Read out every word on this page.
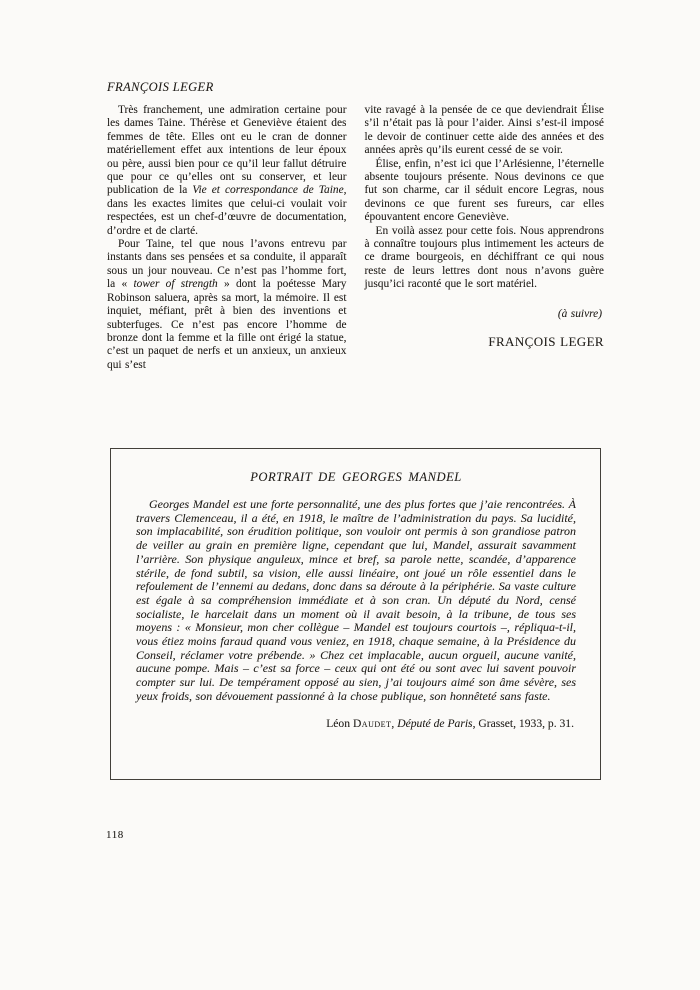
FRANÇOIS LEGER

Très franchement, une admiration certaine pour les dames Taine. Thérèse et Geneviève étaient des femmes de tête. Elles ont eu le cran de donner matériellement effet aux intentions de leur époux ou père, aussi bien pour ce qu’il leur fallut détruire que pour ce qu’elles ont su conserver, et leur publication de la Vie et correspondance de Taine, dans les exactes limites que celui-ci voulait voir respectées, est un chef-d’œuvre de documentation, d’ordre et de clarté.

Pour Taine, tel que nous l’avons entrevu par instants dans ses pensées et sa conduite, il apparaît sous un jour nouveau. Ce n’est pas l’homme fort, la « tower of strength » dont la poétesse Mary Robinson saluera, après sa mort, la mémoire. Il est inquiet, méfiant, prêt à bien des inventions et subterfuges. Ce n’est pas encore l’homme de bronze dont la femme et la fille ont érigé la statue, c’est un paquet de nerfs et un anxieux, un anxieux qui s’est

vite ravagé à la pensée de ce que deviendrait Élise s’il n’était pas là pour l’aider. Ainsi s’est-il imposé le devoir de continuer cette aide des années et des années après qu’ils eurent cessé de se voir.

Élise, enfin, n’est ici que l’Arlésienne, l’éternelle absente toujours présente. Nous devinons ce que fut son charme, car il séduit encore Legras, nous devinons ce que furent ses fureurs, car elles épouvantent encore Geneviève.

En voilà assez pour cette fois. Nous apprendrons à connaître toujours plus intimement les acteurs de ce drame bourgeois, en déchiffrant ce qui nous reste de leurs lettres dont nous n’avons guère jusqu’ici raconté que le sort matériel.

(à suivre)

FRANÇOIS LEGER

PORTRAIT DE GEORGES MANDEL

Georges Mandel est une forte personnalité, une des plus fortes que j’aie rencontrées. À travers Clemenceau, il a été, en 1918, le maître de l’administration du pays. Sa lucidité, son implacabilité, son érudition politique, son vouloir ont permis à son grandiose patron de veiller au grain en première ligne, cependant que lui, Mandel, assurait savamment l’arrière. Son physique anguleux, mince et bref, sa parole nette, scandée, d’apparence stérile, de fond subtil, sa vision, elle aussi linéaire, ont joué un rôle essentiel dans le refoulement de l’ennemi au dedans, donc dans sa déroute à la périphérie. Sa vaste culture est égale à sa compréhension immédiate et à son cran. Un député du Nord, censé socialiste, le harcelait dans un moment où il avait besoin, à la tribune, de tous ses moyens : « Monsieur, mon cher collègue – Mandel est toujours courtois –, répliqua-t-il, vous étiez moins faraud quand vous veniez, en 1918, chaque semaine, à la Présidence du Conseil, réclamer votre prébende. » Chez cet implacable, aucun orgueil, aucune vanité, aucune pompe. Mais – c’est sa force – ceux qui ont été ou sont avec lui savent pouvoir compter sur lui. De tempérament opposé au sien, j’ai toujours aimé son âme sévère, ses yeux froids, son dévouement passionné à la chose publique, son honnêteté sans faste.

Léon Daudet, Député de Paris, Grasset, 1933, p. 31.

118
